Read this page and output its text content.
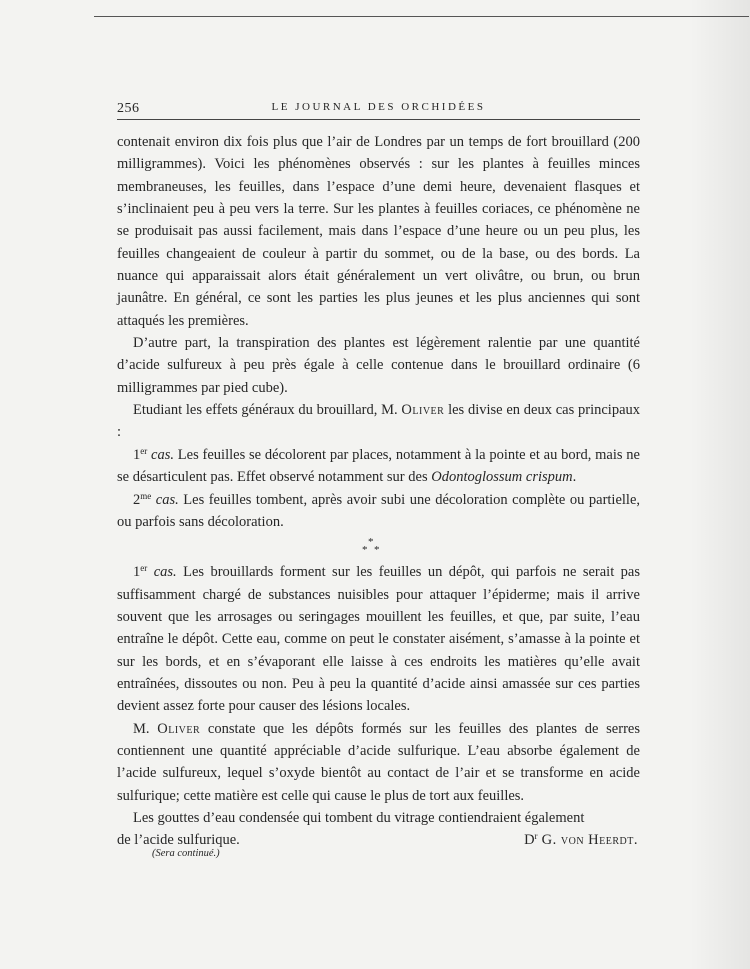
256	LE JOURNAL DES ORCHIDÉES

contenait environ dix fois plus que l’air de Londres par un temps de fort brouillard (200 milligrammes). Voici les phénomènes observés : sur les plantes à feuilles minces membraneuses, les feuilles, dans l’espace d’une demi heure, devenaient flasques et s’inclinaient peu à peu vers la terre. Sur les plantes à feuilles coriaces, ce phénomène ne se produisait pas aussi facilement, mais dans l’espace d’une heure ou un peu plus, les feuilles changeaient de couleur à partir du sommet, ou de la base, ou des bords. La nuance qui apparaissait alors était généralement un vert olivâtre, ou brun, ou brun jaunâtre. En général, ce sont les parties les plus jeunes et les plus anciennes qui sont attaqués les premières.

D’autre part, la transpiration des plantes est légèrement ralentie par une quantité d’acide sulfureux à peu près égale à celle contenue dans le brouillard ordinaire (6 milligrammes par pied cube).

Etudiant les effets généraux du brouillard, M. Oliver les divise en deux cas principaux :

1er cas. Les feuilles se décolorent par places, notamment à la pointe et au bord, mais ne se désarticulent pas. Effet observé notamment sur des Odontoglossum crispum.

$2^{me}$ cas. Les feuilles tombent, après avoir subi une décoloration complète ou partielle, ou parfois sans décoloration.

*
* *

1er cas. Les brouillards forment sur les feuilles un dépôt, qui parfois ne serait pas suffisamment chargé de substances nuisibles pour attaquer l’épiderme; mais il arrive souvent que les arrosages ou seringages mouillent les feuilles, et que, par suite, l’eau entraîne le dépôt. Cette eau, comme on peut le constater aisément, s’amasse à la pointe et sur les bords, et en s’évaporant elle laisse à ces endroits les matières qu’elle avait entraînées, dissoutes ou non. Peu à peu la quantité d’acide ainsi amassée sur ces parties devient assez forte pour causer des lésions locales.

M. Oliver constate que les dépôts formés sur les feuilles des plantes de serres contiennent une quantité appréciable d’acide sulfurique. L’eau absorbe également de l’acide sulfureux, lequel s’oxyde bientôt au contact de l’air et se transforme en acide sulfurique; cette matière est celle qui cause le plus de tort aux feuilles.

Les gouttes d’eau condensée qui tombent du vitrage contiendraient également

de l’acide sulfurique.	$D^r$ G. von Heerdt.
(Sera continué.)
